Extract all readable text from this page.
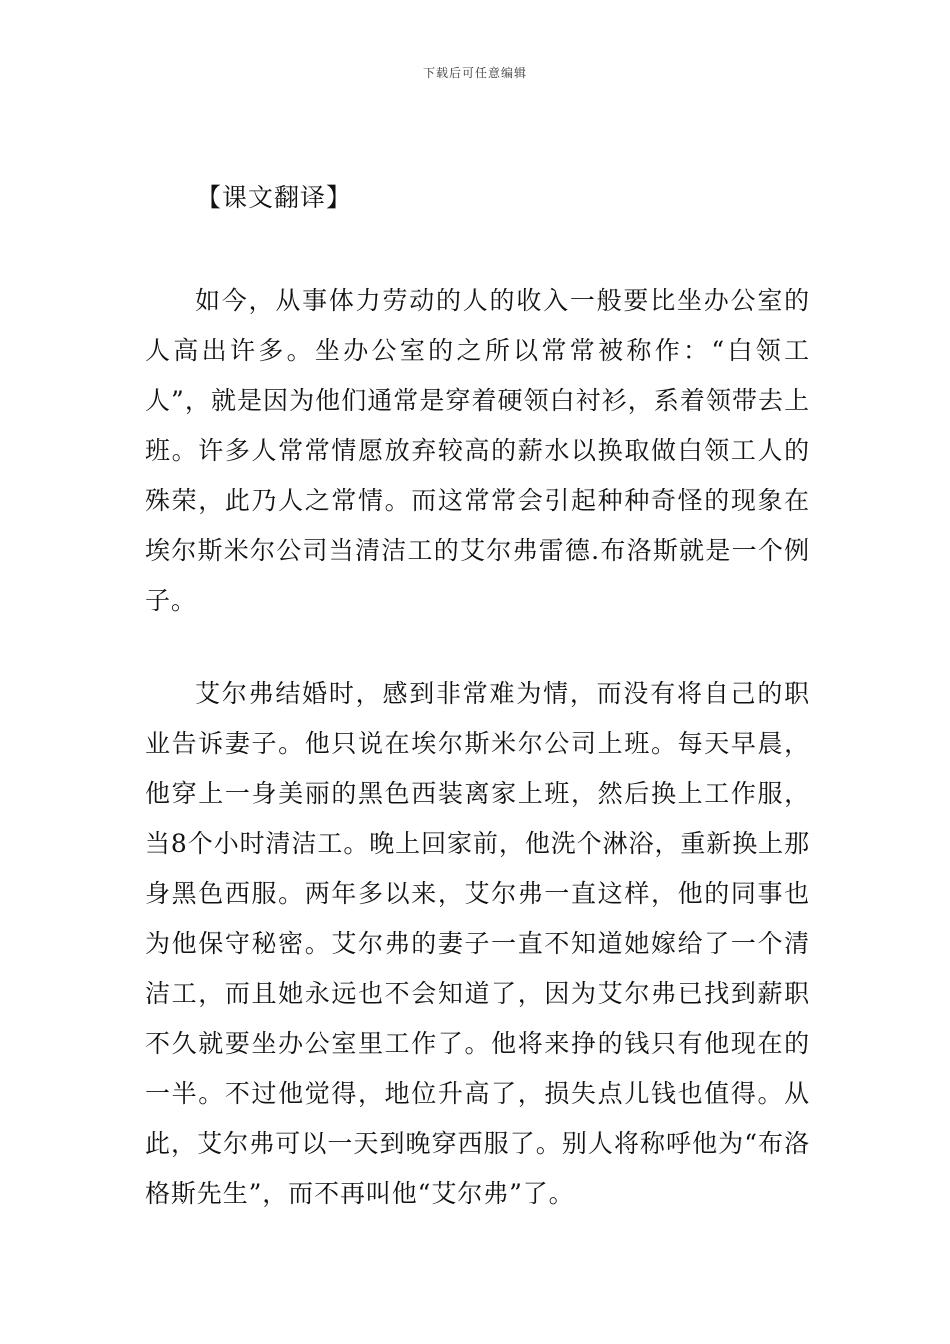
下载后可任意编辑
【课文翻译】

如今，从事体力劳动的人的收入一般要比坐办公室的人高出许多。坐办公室的之所以常常被称作：“白领工人”，就是因为他们通常是穿着硬领白衬衫，系着领带去上班。许多人常常情愿放弃较高的薪水以换取做白领工人的殊荣，此乃人之常情。而这常常会引起种种奇怪的现象在埃尔斯米尔公司当清洁工的艾尔弗雷德.布洛斯就是一个例子。

艾尔弗结婚时，感到非常难为情，而没有将自己的职业告诉妻子。他只说在埃尔斯米尔公司上班。每天早晨，他穿上一身美丽的黑色西装离家上班，然后换上工作服，当8个小时清洁工。晚上回家前，他洗个淋浴，重新换上那身黑色西服。两年多以来，艾尔弗一直这样，他的同事也为他保守秘密。艾尔弗的妻子一直不知道她嫁给了一个清洁工，而且她永远也不会知道了，因为艾尔弗已找到薪职不久就要坐办公室里工作了。他将来挣的钱只有他现在的一半。不过他觉得，地位升高了，损失点儿钱也值得。从此，艾尔弗可以一天到晚穿西服了。别人将称呼他为“布洛格斯先生”，而不再叫他“艾尔弗”了。
